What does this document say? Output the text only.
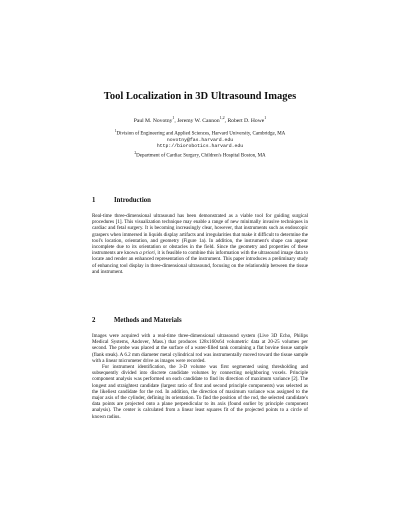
Tool Localization in 3D Ultrasound Images
Paul M. Novotny$^1$, Jeremy W. Cannon$^{1,2}$, Robert D. Howe$^1$
$^1$Division of Engineering and Applied Sciences, Harvard University, Cambridge, MA
novotny@fas.harvard.edu
http://biorobotics.harvard.edu
$^2$Department of Cardiac Surgery, Children's Hospital Boston, MA
1	Introduction

Real-time three-dimensional ultrasound has been demonstrated as a viable tool for guiding surgical procedures [1]. This visualization technique may enable a range of new minimally invasive techniques in cardiac and fetal surgery. It is becoming increasingly clear, however, that instruments such as endoscopic graspers when immersed in liquids display artifacts and irregularities that make it difficult to determine the tool's location, orientation, and geometry (Figure 1a). In addition, the instrument's shape can appear incomplete due to its orientation or obstacles in the field. Since the geometry and properties of these instruments are known a priori, it is feasible to combine this information with the ultrasound image data to locate and render an enhanced representation of the instrument. This paper introduces a preliminary study of enhancing tool display in three-dimensional ultrasound, focusing on the relationship between the tissue and instrument.

2	Methods and Materials

Images were acquired with a real-time three-dimensional ultrasound system (Live 3D Echo, Philips Medical Systems, Andover, Mass.) that produces 128x160x64 volumetric data at 20-25 volumes per second. The probe was placed at the surface of a water-filled tank containing a flat bovine tissue sample (flank steak). A 6.2 mm diameter metal cylindrical rod was instrumentally moved toward the tissue sample with a linear micrometer drive as images were recorded.

For instrument identification, the 3-D volume was first segmented using thresholding and subsequently divided into discrete candidate volumes by connecting neighboring voxels. Principle component analysis was performed on each candidate to find its direction of maximum variance [2]. The longest and straightest candidate (largest ratio of first and second principle components) was selected as the likeliest candidate for the rod. In addition, the direction of maximum variance was assigned to the major axis of the cylinder, defining its orientation. To find the position of the rod, the selected candidate's data points are projected onto a plane perpendicular to its axis (found earlier by principle component analysis). The center is calculated from a linear least squares fit of the projected points to a circle of known radius.
